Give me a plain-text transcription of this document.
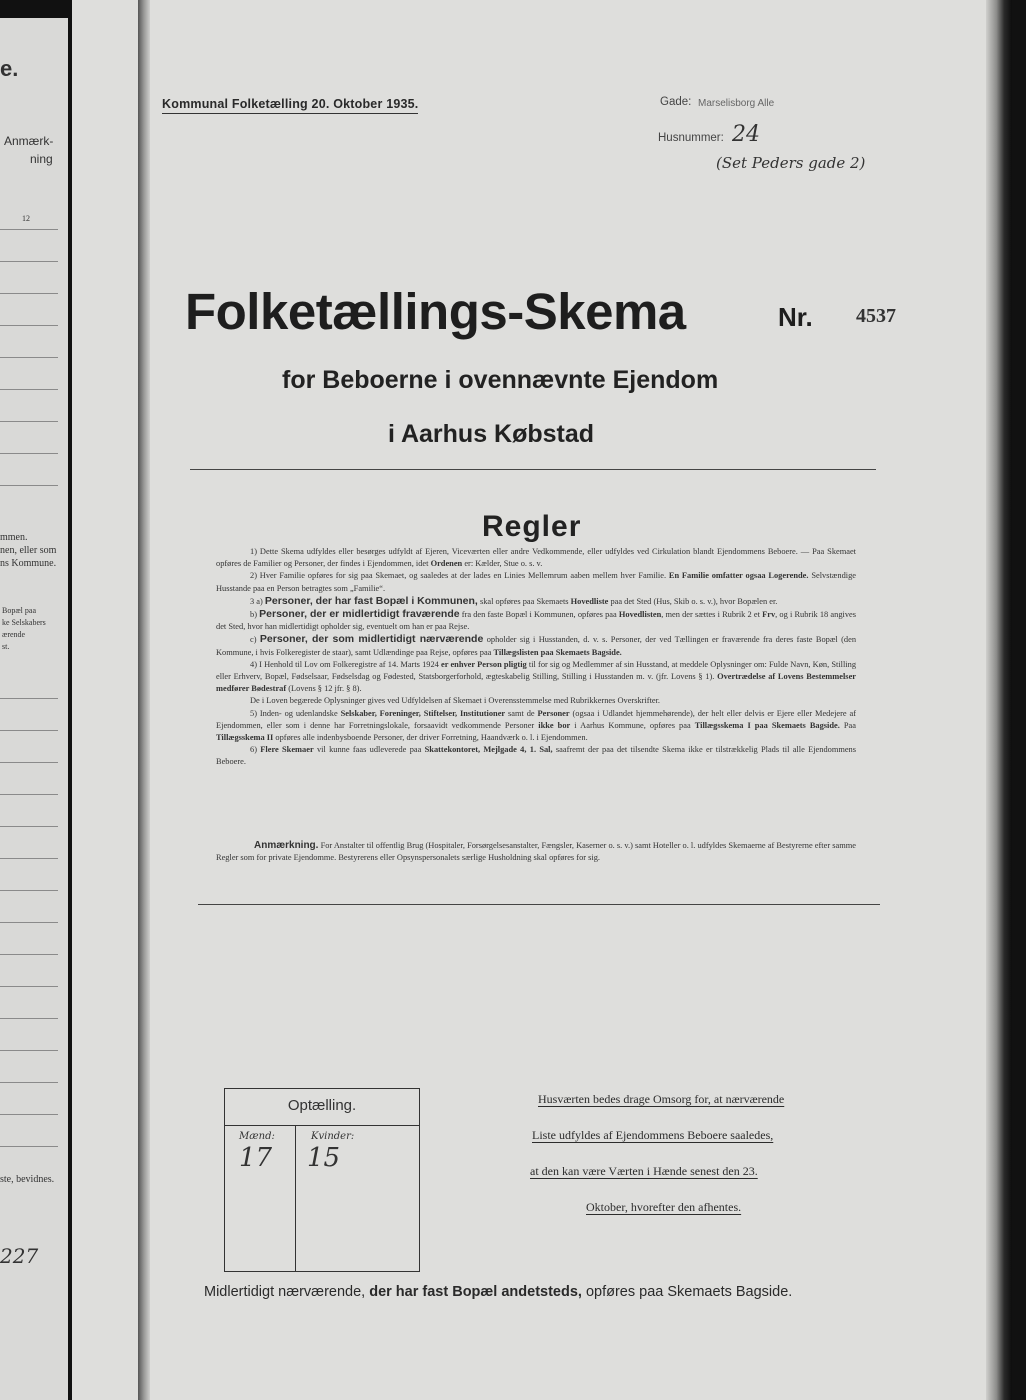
e.
Anmærk-
ning
12
mmen.
nen, eller som
ns Kommune.
Bopæl paa
ke Selskabers
ærende
st.
ste, bevidnes.
227
Kommunal Folketælling 20. Oktober 1935.	Gade: Marselisborg Alle
Husnummer: 24
(Set Peders gade 2)
Folketællings-Skema	Nr. 4537
for Beboerne i ovennævnte Ejendom
i Aarhus Købstad
Regler

1) Dette Skema udfyldes eller besørges udfyldt af Ejeren, Viceværten eller andre Vedkommende, eller udfyldes ved Cirkulation blandt Ejendommens Beboere. — Paa Skemaet opføres de Familier og Personer, der findes i Ejendommen, idet Ordenen er: Kælder, Stue o. s. v.

2) Hver Familie opføres for sig paa Skemaet, og saaledes at der lades en Linies Mellemrum aaben mellem hver Familie. En Familie omfatter ogsaa Logerende. Selvstændige Husstande paa en Person betragtes som „Familie“.

3 a) Personer, der har fast Bopæl i Kommunen, skal opføres paa Skemaets Hovedliste paa det Sted (Hus, Skib o. s. v.), hvor Bopælen er.

b) Personer, der er midlertidigt fraværende fra den faste Bopæl i Kommunen, opføres paa Hovedlisten, men der sættes i Rubrik 2 et Frv, og i Rubrik 18 angives det Sted, hvor han midlertidigt opholder sig, eventuelt om han er paa Rejse.

c) Personer, der som midlertidigt nærværende opholder sig i Husstanden, d. v. s. Personer, der ved Tællingen er fraværende fra deres faste Bopæl (den Kommune, i hvis Folkeregister de staar), samt Udlændinge paa Rejse, opføres paa Tillægslisten paa Skemaets Bagside.

4) I Henhold til Lov om Folkeregistre af 14. Marts 1924 er enhver Person pligtig til for sig og Medlemmer af sin Husstand, at meddele Oplysninger om: Fulde Navn, Køn, Stilling eller Erhverv, Bopæl, Fødselsaar, Fødselsdag og Fødested, Statsborgerforhold, ægteskabelig Stilling, Stilling i Husstanden m. v. (jfr. Lovens § 1). Overtrædelse af Lovens Bestemmelser medfører Bødestraf (Lovens § 12 jfr. § 8).

De i Loven begærede Oplysninger gives ved Udfyldelsen af Skemaet i Overensstemmelse med Rubrikkernes Overskrifter.

5) Inden- og udenlandske Selskaber, Foreninger, Stiftelser, Institutioner samt de Personer (ogsaa i Udlandet hjemmehørende), der helt eller delvis er Ejere eller Medejere af Ejendommen, eller som i denne har Forretningslokale, forsaavidt vedkommende Personer ikke bor i Aarhus Kommune, opføres paa Tillægsskema I paa Skemaets Bagside. Paa Tillægsskema II opføres alle indenbysboende Personer, der driver Forretning, Haandværk o. l. i Ejendommen.

6) Flere Skemaer vil kunne faas udleverede paa Skattekontoret, Mejlgade 4, 1. Sal, saafremt der paa det tilsendte Skema ikke er tilstrækkelig Plads til alle Ejendommens Beboere.

Anmærkning. For Anstalter til offentlig Brug (Hospitaler, Forsørgelsesanstalter, Fængsler, Kaserner o. s. v.) samt Hoteller o. l. udfyldes Skemaerne af Bestyrerne efter samme Regler som for private Ejendomme. Bestyrerens eller Opsynspersonalets særlige Husholdning skal opføres for sig.

Optælling.
Mænd:	Kvinder:
17 15
Husværten bedes drage Omsorg for, at nærværende
Liste udfyldes af Ejendommens Beboere saaledes,
at den kan være Værten i Hænde senest den 23.
Oktober, hvorefter den afhentes.
Midlertidigt nærværende, der har fast Bopæl andetsteds, opføres paa Skemaets Bagside.
